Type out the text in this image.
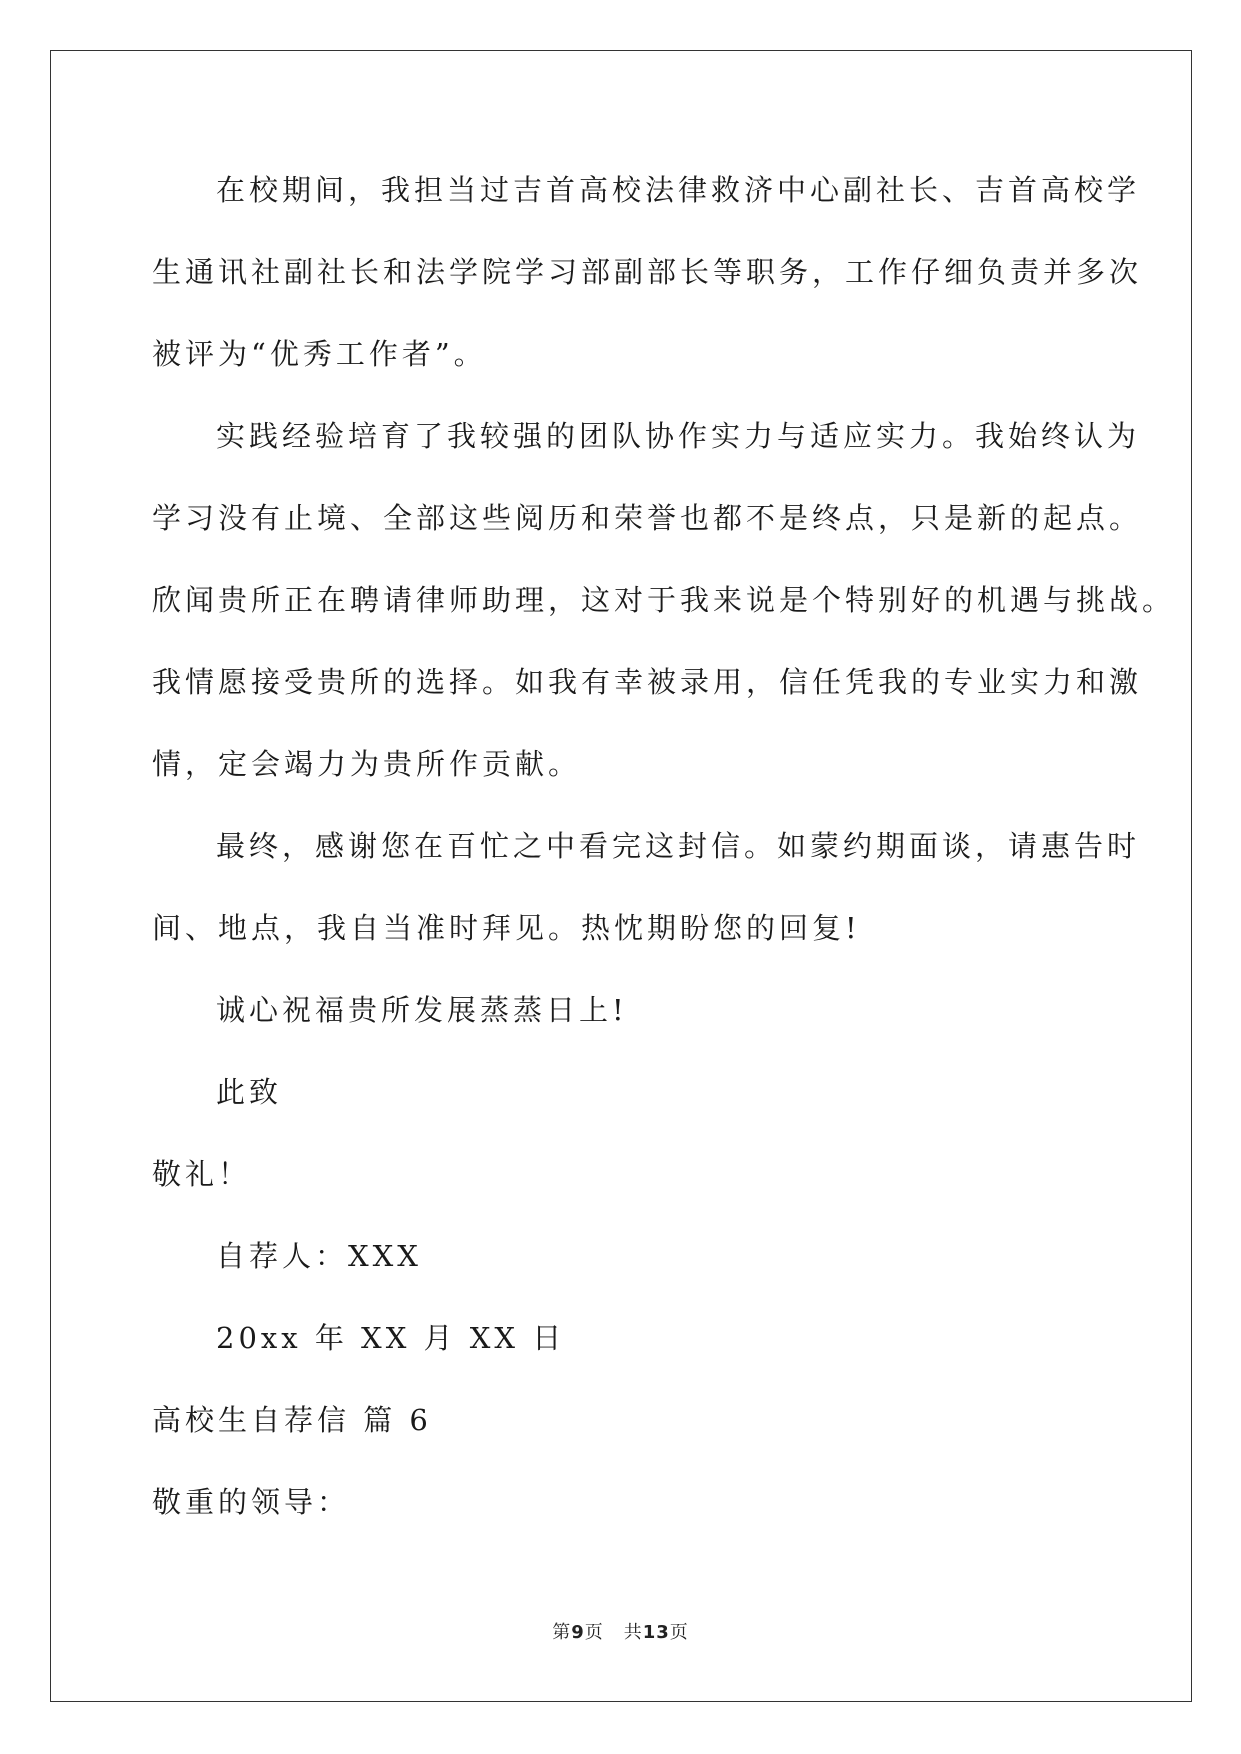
在校期间，我担当过吉首高校法律救济中心副社长、吉首高校学
生通讯社副社长和法学院学习部副部长等职务，工作仔细负责并多次
被评为“优秀工作者”。
实践经验培育了我较强的团队协作实力与适应实力。我始终认为
学习没有止境、全部这些阅历和荣誉也都不是终点，只是新的起点。
欣闻贵所正在聘请律师助理，这对于我来说是个特别好的机遇与挑战。
我情愿接受贵所的选择。如我有幸被录用，信任凭我的专业实力和激
情，定会竭力为贵所作贡献。
最终，感谢您在百忙之中看完这封信。如蒙约期面谈，请惠告时
间、地点，我自当准时拜见。热忱期盼您的回复!
诚心祝福贵所发展蒸蒸日上!
此致
敬礼！
自荐人：XXX
20xx 年 XX 月 XX 日
高校生自荐信 篇 6
敬重的领导：
第9页 共13页
